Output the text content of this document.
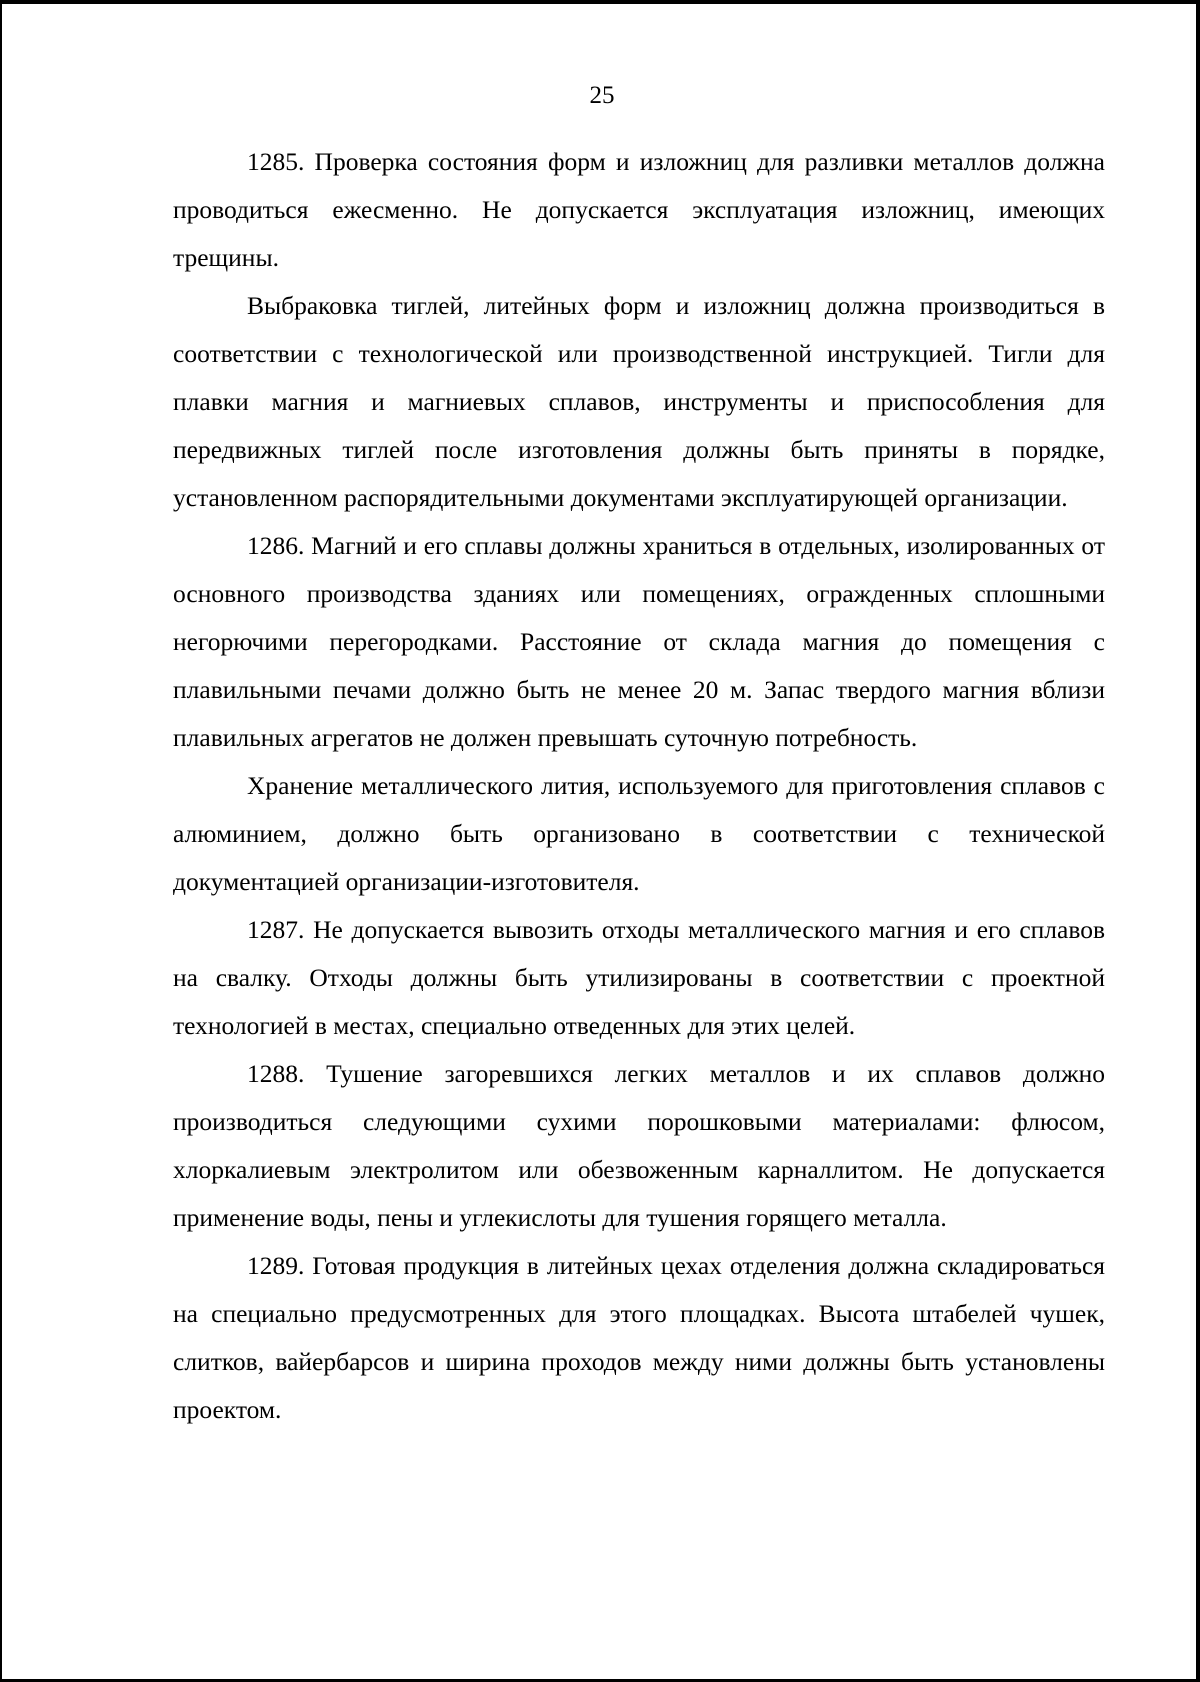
25

1285. Проверка состояния форм и изложниц для разливки металлов должна проводиться ежесменно. Не допускается эксплуатация изложниц, имеющих трещины.

Выбраковка тиглей, литейных форм и изложниц должна производиться в соответствии с технологической или производственной инструкцией. Тигли для плавки магния и магниевых сплавов, инструменты и приспособления для передвижных тиглей после изготовления должны быть приняты в порядке, установленном распорядительными документами эксплуатирующей организации.

1286. Магний и его сплавы должны храниться в отдельных, изолированных от основного производства зданиях или помещениях, огражденных сплошными негорючими перегородками. Расстояние от склада магния до помещения с плавильными печами должно быть не менее 20 м. Запас твердого магния вблизи плавильных агрегатов не должен превышать суточную потребность.

Хранение металлического лития, используемого для приготовления сплавов с алюминием, должно быть организовано в соответствии с технической документацией организации-изготовителя.

1287. Не допускается вывозить отходы металлического магния и его сплавов на свалку. Отходы должны быть утилизированы в соответствии с проектной технологией в местах, специально отведенных для этих целей.

1288. Тушение загоревшихся легких металлов и их сплавов должно производиться следующими сухими порошковыми материалами: флюсом, хлоркалиевым электролитом или обезвоженным карналлитом. Не допускается применение воды, пены и углекислоты для тушения горящего металла.

1289. Готовая продукция в литейных цехах отделения должна складироваться на специально предусмотренных для этого площадках. Высота штабелей чушек, слитков, вайербарсов и ширина проходов между ними должны быть установлены проектом.
